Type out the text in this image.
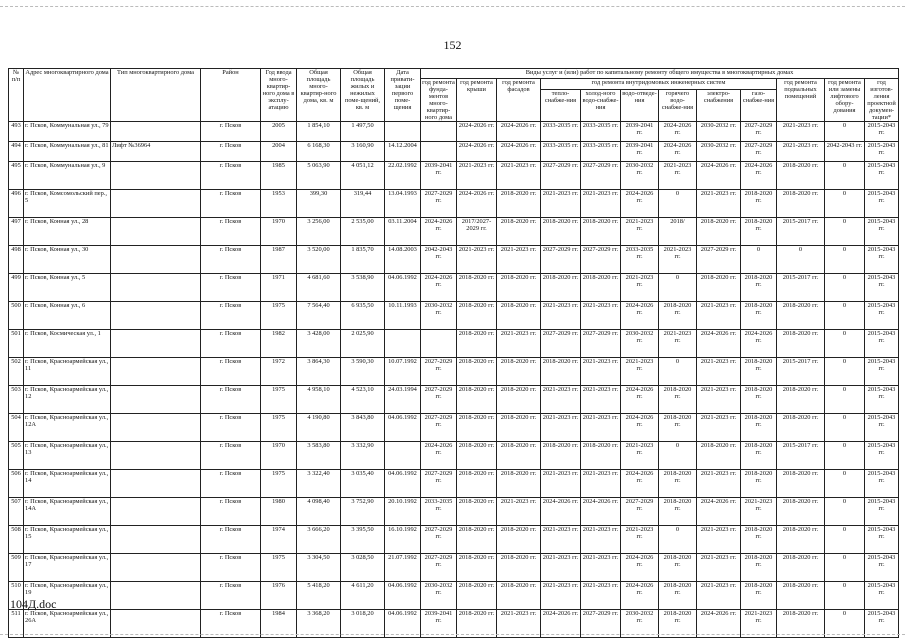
152
№ п/п	Адрес многоквартирного дома	Тип многоквартирного дома	Район	Год ввода много-квартир-ного дома в эксплу-атацию	Общая площадь много-квартир-ного дома, кв. м	Общая площадь жилых и нежилых поме-щений, кв. м	Дата привати-зации первого поме-щения	Виды услуг и (или) работ по капитальному ремонту общего имущества в многоквартирных домах											
								год ремонта фунда-ментов много-квартир-ного дома	год ремонта крыши	год ремонта фасадов	год ремонта внутридомовых инженерных систем						год ремонта подвальных помещений	год ремонта или замены лифтового обору-дования	год изготов-ления проектной докумен-тации*
											тепло-снабже-ния	холод-ного водо-снабже-ния	водо-отведе-ния	горячего водо-снабже-ния	электро-снабжения	газо-снабже-ния			
493	г. Псков, Коммунальная ул., 79		г. Псков	2005	1 854,10	1 497,50			2024-2026 гг.	2024-2026 гг.	2033-2035 гг.	2033-2035 гг.	2039-2041 гг.	2024-2026 гг.	2030-2032 гг.	2027-2029 гг.	2021-2023 гг.	0	2015-2043 гг.
494	г. Псков, Коммунальная ул., 81	Лифт №36964	г. Псков	2004	6 168,30	3 160,90	14.12.2004		2024-2026 гг.	2024-2026 гг.	2033-2035 гг.	2033-2035 гг.	2039-2041 гг.	2024-2026 гг.	2030-2032 гг.	2027-2029 гг.	2021-2023 гг.	2042-2043 гг.	2015-2043 гг.
495	г. Псков, Коммунальная ул., 9		г. Псков	1985	5 063,90	4 051,12	22.02.1992	2039-2041 гг.	2021-2023 гг.	2021-2023 гг.	2027-2029 гг.	2027-2029 гг.	2030-2032 гг.	2021-2023 гг.	2024-2026 гг.	2024-2026 гг.	2018-2020 гг.	0	2015-2043 гг.
496	г. Псков, Комсомольский пер., 5		г. Псков	1953	399,30	319,44	13.04.1993	2027-2029 гг.	2024-2026 гг.	2018-2020 гг.	2021-2023 гг.	2021-2023 гг.	2024-2026 гг.	0	2021-2023 гг.	2018-2020 гг.	2018-2020 гг.	0	2015-2043 гг.
497	г. Псков, Конная ул., 28		г. Псков	1970	3 256,00	2 535,00	03.11.2004	2024-2026 гг.	2017/2027-2029 гг.	2018-2020 гг.	2018-2020 гг.	2018-2020 гг.	2021-2023 гг.	2018/	2018-2020 гг.	2018-2020 гг.	2015-2017 гг.	0	2015-2043 гг.
498	г. Псков, Конная ул., 30		г. Псков	1987	3 520,00	1 835,70	14.08.2003	2042-2043 гг.	2021-2023 гг.	2021-2023 гг.	2027-2029 гг.	2027-2029 гг.	2033-2035 гг.	2021-2023 гг.	2027-2029 гг.	0	0	0	2015-2043 гг.
499	г. Псков, Конная ул., 5		г. Псков	1971	4 681,60	3 538,90	04.06.1992	2024-2026 гг.	2018-2020 гг.	2018-2020 гг.	2018-2020 гг.	2018-2020 гг.	2021-2023 гг.	0	2018-2020 гг.	2018-2020 гг.	2015-2017 гг.	0	2015-2043 гг.
500	г. Псков, Конная ул., 6		г. Псков	1975	7 564,40	6 935,50	10.11.1993	2030-2032 гг.	2018-2020 гг.	2018-2020 гг.	2021-2023 гг.	2021-2023 гг.	2024-2026 гг.	2018-2020 гг.	2021-2023 гг.	2018-2020 гг.	2018-2020 гг.	0	2015-2043 гг.
501	г. Псков, Космическая ул., 1		г. Псков	1982	3 428,00	2 025,90			2018-2020 гг.	2021-2023 гг.	2027-2029 гг.	2027-2029 гг.	2030-2032 гг.	2021-2023 гг.	2024-2026 гг.	2024-2026 гг.	2018-2020 гг.	0	2015-2043 гг.
502	г. Псков, Красноармейская ул., 11		г. Псков	1972	3 864,30	3 590,30	10.07.1992	2027-2029 гг.	2018-2020 гг.	2018-2020 гг.	2018-2020 гг.	2021-2023 гг.	2021-2023 гг.	0	2021-2023 гг.	2018-2020 гг.	2015-2017 гг.	0	2015-2043 гг.
503	г. Псков, Красноармейская ул., 12		г. Псков	1975	4 958,10	4 523,10	24.03.1994	2027-2029 гг.	2018-2020 гг.	2018-2020 гг.	2021-2023 гг.	2021-2023 гг.	2024-2026 гг.	2018-2020 гг.	2021-2023 гг.	2018-2020 гг.	2018-2020 гг.	0	2015-2043 гг.
504	г. Псков, Красноармейская ул., 12А		г. Псков	1975	4 190,80	3 843,80	04.06.1992	2027-2029 гг.	2018-2020 гг.	2018-2020 гг.	2021-2023 гг.	2021-2023 гг.	2024-2026 гг.	2018-2020 гг.	2021-2023 гг.	2018-2020 гг.	2018-2020 гг.	0	2015-2043 гг.
505	г. Псков, Красноармейская ул., 13		г. Псков	1970	3 583,80	3 332,90		2024-2026 гг.	2018-2020 гг.	2018-2020 гг.	2018-2020 гг.	2018-2020 гг.	2021-2023 гг.	0	2018-2020 гг.	2018-2020 гг.	2015-2017 гг.	0	2015-2043 гг.
506	г. Псков, Красноармейская ул., 14		г. Псков	1975	3 322,40	3 035,40	04.06.1992	2027-2029 гг.	2018-2020 гг.	2018-2020 гг.	2021-2023 гг.	2021-2023 гг.	2024-2026 гг.	2018-2020 гг.	2021-2023 гг.	2018-2020 гг.	2018-2020 гг.	0	2015-2043 гг.
507	г. Псков, Красноармейская ул., 14А		г. Псков	1980	4 098,40	3 752,90	20.10.1992	2033-2035 гг.	2018-2020 гг.	2021-2023 гг.	2024-2026 гг.	2024-2026 гг.	2027-2029 гг.	2018-2020 гг.	2024-2026 гг.	2021-2023 гг.	2018-2020 гг.	0	2015-2043 гг.
508	г. Псков, Красноармейская ул., 15		г. Псков	1974	3 666,20	3 395,50	16.10.1992	2027-2029 гг.	2018-2020 гг.	2018-2020 гг.	2021-2023 гг.	2021-2023 гг.	2021-2023 гг.	0	2021-2023 гг.	2018-2020 гг.	2018-2020 гг.	0	2015-2043 гг.
509	г. Псков, Красноармейская ул., 17		г. Псков	1975	3 304,50	3 028,50	21.07.1992	2027-2029 гг.	2018-2020 гг.	2018-2020 гг.	2021-2023 гг.	2021-2023 гг.	2024-2026 гг.	2018-2020 гг.	2021-2023 гг.	2018-2020 гг.	2018-2020 гг.	0	2015-2043 гг.
510	г. Псков, Красноармейская ул., 19		г. Псков	1976	5 418,20	4 611,20	04.06.1992	2030-2032 гг.	2018-2020 гг.	2018-2020 гг.	2021-2023 гг.	2021-2023 гг.	2024-2026 гг.	2018-2020 гг.	2021-2023 гг.	2018-2020 гг.	2018-2020 гг.	0	2015-2043 гг.
511	г. Псков, Красноармейская ул., 26А		г. Псков	1984	3 368,20	3 018,20	04.06.1992	2039-2041 гг.	2018-2020 гг.	2021-2023 гг.	2024-2026 гг.	2027-2029 гг.	2030-2032 гг.	2018-2020 гг.	2024-2026 гг.	2021-2023 гг.	2018-2020 гг.	0	2015-2043 гг.
104Д.doc
